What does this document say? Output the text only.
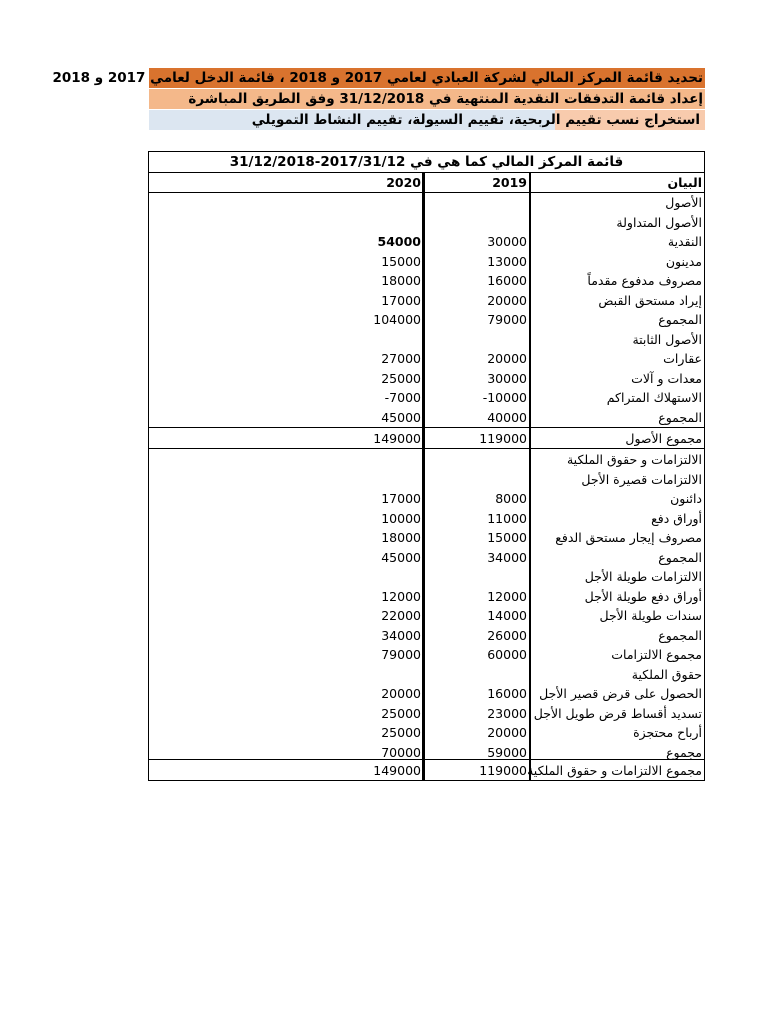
تحديد قائمة المركز المالي لشركة العبادي لعامي 2017 و 2018 ، قائمة الدخل لعامي 2017 و 2018
إعداد قائمة التدفقات النقدية المنتهية في 31/12/2018 وفق الطريق المباشرة
استخراج نسب تقييم الربحية، تقييم السيولة، تقييم النشاط التمويلي
قائمة المركز المالي كما هي في 2017/31/12-31/12/2018
البيان
2019
2020
الأصول
الأصول المتداولة
النقدية
30000
54000
مدينون
13000
15000
مصروف مدفوع مقدماً
16000
18000
إيراد مستحق القبض
20000
17000
المجموع
79000
104000
الأصول الثابتة
عقارات
20000
27000
معدات و آلات
30000
25000
الاستهلاك المتراكم
-10000
-7000
المجموع
40000
45000
مجموع الأصول
119000
149000
الالتزامات و حقوق الملكية
الالتزامات قصيرة الأجل
دائنون
8000
17000
أوراق دفع
11000
10000
مصروف إيجار مستحق الدفع
15000
18000
المجموع
34000
45000
الالتزامات طويلة الأجل
أوراق دفع طويلة الأجل
12000
12000
سندات طويلة الأجل
14000
22000
المجموع
26000
34000
مجموع الالتزامات
60000
79000
حقوق الملكية
الحصول على قرض قصير الأجل
16000
20000
تسديد أقساط قرض طويل الأجل
23000
25000
أرباح محتجزة
20000
25000
مجموع
59000
70000
مجموع الالتزامات و حقوق الملكية
119000
149000
